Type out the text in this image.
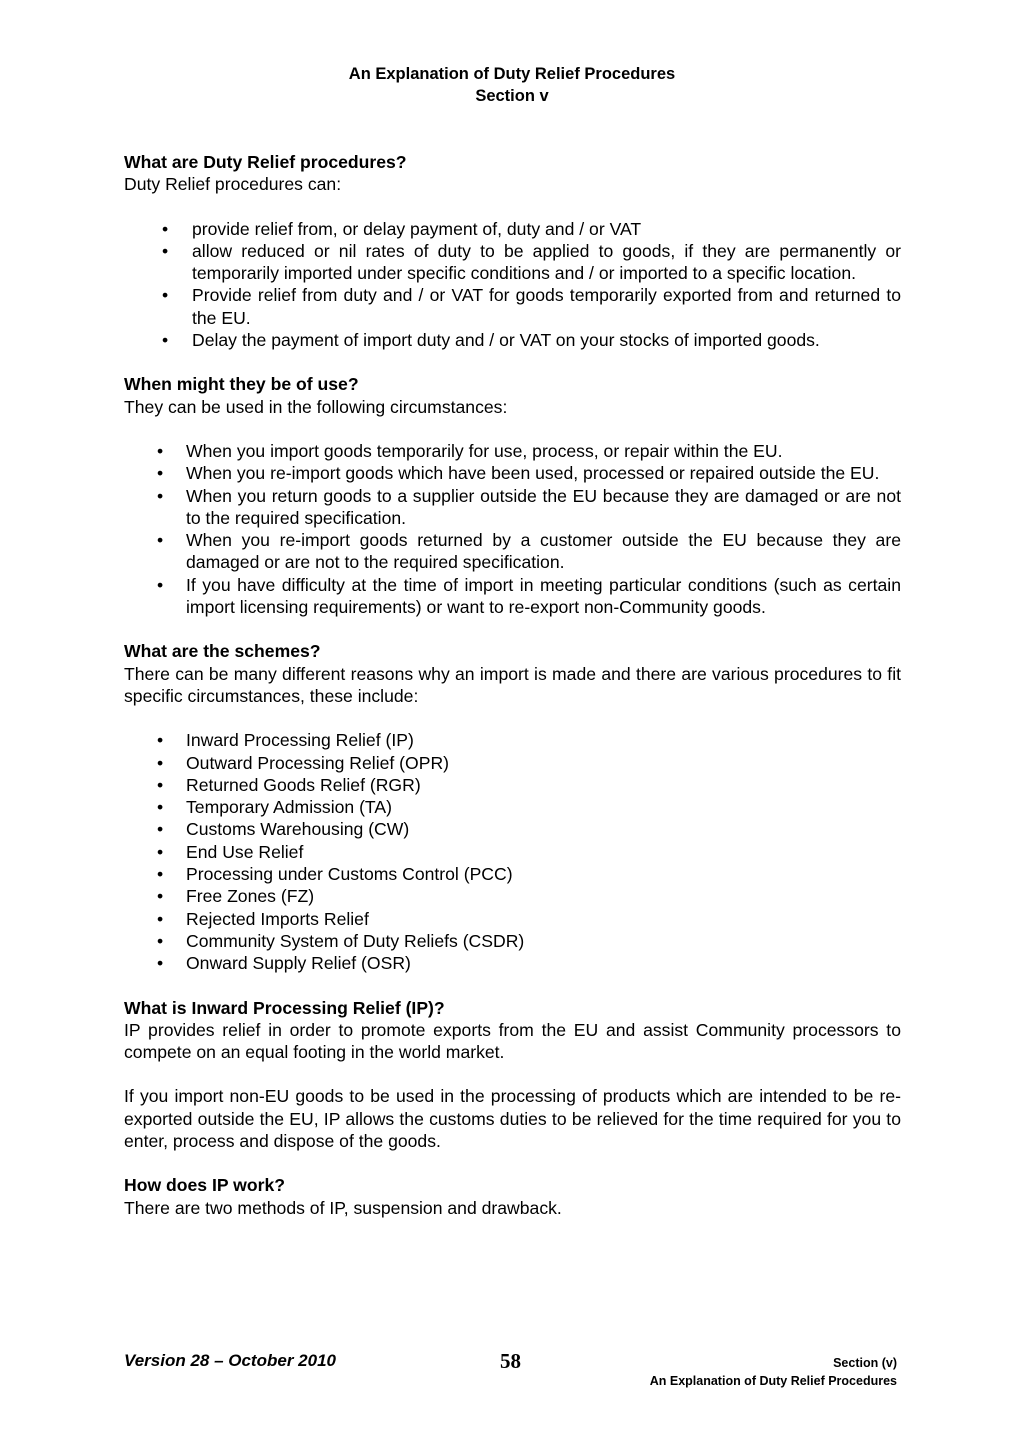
An Explanation of Duty Relief Procedures
Section v
What are Duty Relief procedures?

Duty Relief procedures can:

• provide relief from, or delay payment of, duty and / or VAT
• allow reduced or nil rates of duty to be applied to goods, if they are permanently or temporarily imported under specific conditions and / or imported to a specific location.
• Provide relief from duty and / or VAT for goods temporarily exported from and returned to the EU.
• Delay the payment of import duty and / or VAT on your stocks of imported goods.
When might they be of use?

They can be used in the following circumstances:

• When you import goods temporarily for use, process, or repair within the EU.
• When you re-import goods which have been used, processed or repaired outside the EU.
• When you return goods to a supplier outside the EU because they are damaged or are not to the required specification.
• When you re-import goods returned by a customer outside the EU because they are damaged or are not to the required specification.
• If you have difficulty at the time of import in meeting particular conditions (such as certain import licensing requirements) or want to re-export non-Community goods.
What are the schemes?

There can be many different reasons why an import is made and there are various procedures to fit specific circumstances, these include:

• Inward Processing Relief (IP)
• Outward Processing Relief (OPR)
• Returned Goods Relief (RGR)
• Temporary Admission (TA)
• Customs Warehousing (CW)
• End Use Relief
• Processing under Customs Control (PCC)
• Free Zones (FZ)
• Rejected Imports Relief
• Community System of Duty Reliefs (CSDR)
• Onward Supply Relief (OSR)
What is Inward Processing Relief (IP)?

IP provides relief in order to promote exports from the EU and assist Community processors to compete on an equal footing in the world market.

If you import non-EU goods to be used in the processing of products which are intended to be re-exported outside the EU, IP allows the customs duties to be relieved for the time required for you to enter, process and dispose of the goods.

How does IP work?

There are two methods of IP, suspension and drawback.

Version 28 – October 2010	58	Section (v)
An Explanation of Duty Relief Procedures
